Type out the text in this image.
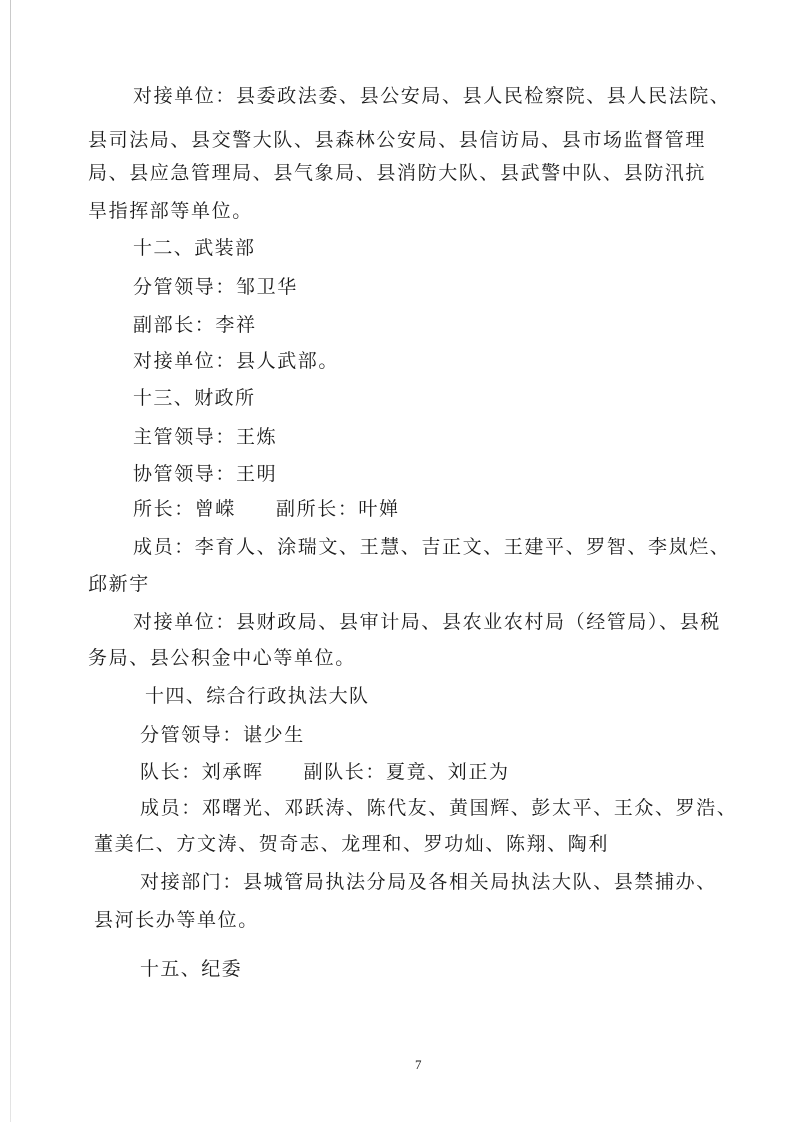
对接单位：县委政法委、县公安局、县人民检察院、县人民法院、
县司法局、县交警大队、县森林公安局、县信访局、县市场监督管理
局、县应急管理局、县气象局、县消防大队、县武警中队、县防汛抗
旱指挥部等单位。
十二、武装部
分管领导：邹卫华
副部长：李祥
对接单位：县人武部。
十三、财政所
主管领导：王炼
协管领导：王明
所长：曾嵘 副所长：叶婵
成员：李育人、涂瑞文、王慧、吉正文、王建平、罗智、李岚烂、
邱新宇
对接单位：县财政局、县审计局、县农业农村局（经管局）、县税
务局、县公积金中心等单位。
十四、综合行政执法大队
分管领导：谌少生
队长：刘承晖 副队长：夏竟、刘正为
成员：邓曙光、邓跃涛、陈代友、黄国辉、彭太平、王众、罗浩、
董美仁、方文涛、贺奇志、龙理和、罗功灿、陈翔、陶利
对接部门：县城管局执法分局及各相关局执法大队、县禁捕办、
县河长办等单位。
十五、纪委
7
